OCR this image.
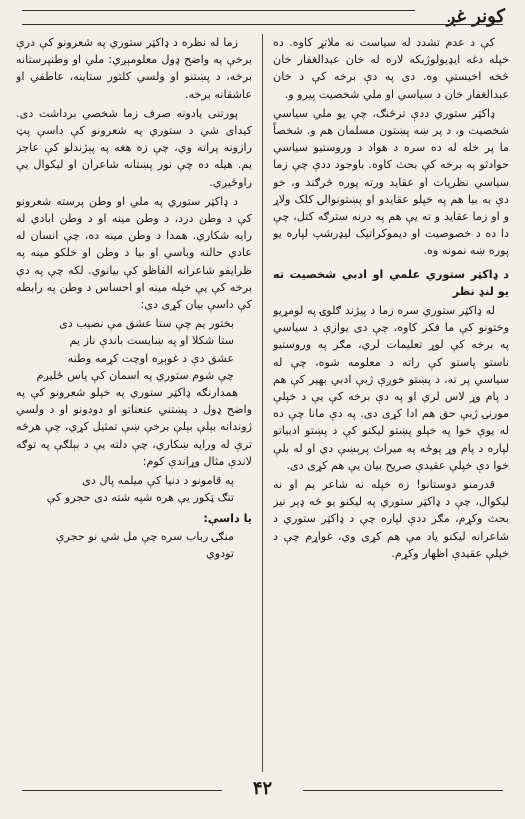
کونر غږ

کې د عدم تشدد له سیاست نه ملاتړ کاوه. ده خپله دغه ایډیولوژیکه لاره له خان عبدالغفار خان څخه اخیستې وه. دی په دې برخه کې د خان عبدالغفار خان د سیاسي او ملي شخصیت پیرو و.

ډاکټر ستوري ددې ترڅنګ، چې یو ملي سیاسي شخصیت و، د پر ښه پښتون مسلمان هم و. شخصاً ما پر خله له ده سره د هواد د وروستیو سیاسي حوادثو په برخه کې بحث کاوه. باوجود ددې چې زما سیاسي نظریات او عقاید ورته پوره څرګند و، خو دې به بیا هم په خپلو عقایدو او پښتونوالۍ کلک ولاړ و او زما عقاید و ته یې هم په درنه سترګه کتل، چې دا ده د خصوصیت او دیموکراتیک لیډرشپ لپاره یو پوره ښه نمونه وه.

د ډاکټر ستوري علمي او ادبي شخصیت ته یو لنډ نظر

له ډاکټر ستوري سره زما د پیژند ګلوۍ په لومړیو وختونو کې ما فکر کاوه، چې دی یوازې د سیاسي په برخه کې لوړ تعلیمات لري، مګر په وروستیو ناستو پاستو کې راته د معلومه شوه، چې له سیاسي پر ته، د پښتو خوږې ژبې ادبي بهیر کې هم د پام وړ لاس لري او په دې برخه کې یې د خپلې مورنۍ ژبې حق هم ادا کړی دی. په دې مانا چې ده له یوې خوا په خپلو پښتو لیکنو کې د پښتو ادبیاتو لپاره د پام وړ پوځه په میراث پرېښې دي او له بلې خوا دې خپلې عقیدې صریح بیان یې هم کړی دی.

قدرمنو دوستانو! زه خپله نه شاعر یم او نه لیکوال، چې د ډاکټر ستوري په لیکنو یو څه ډېر نیز بحث وکړم، مګر ددې لپاره چې د ډاکټر ستوري د شاعرانه لیکنو یاد مې هم کړی وي، غواړم چې د خپلې عقیدې اظهار وکړم.

زما له نظره د ډاکټر ستوري په شعرونو کې درې برخې په واضح ډول معلومېږي: ملي او وطنپرستانه برخه، د پښتنو او ولسي کلتور ستاینه، عاطفي او عاشقانه برخه.

پورتنی یادونه صرف زما شخصي برداشت دی. کیدای شي د ستوري په شعرونو کې داسې پټ رازونه پراته وي، چې زه هغه په پېژندلو کې عاجز یم. هیله ده چې نور پښتانه شاعران او لیکوال یې راوځیږي.

د ډاکټر ستوري په ملي او وطن پرسته شعرونو کې د وطن درد، د وطن مینه او د وطن ابادي له رایه شکاري. همدا د وطن مینه ده، چې انسان له عادي حالته وباسي او بیا د وطن او خلکو مینه په ظرایفو شاعرانه الفاظو کې بیانوي. لکه چې په دې برخه کې یې خپله مینه او احساس د وطن په رابطه کې داسې بیان کړی دی:

بختور یم چې ستا عشق مې نصیب دی

ستا شکلا او په ښایست باندې ناز یم

عشق دې د غوېږه اوچت کړمه وطنه

چې شوم ستوري په اسمان کې پاس ځلیږم

همدارنګه ډاکټر ستوري په خپلو شعرونو کې په واضح ډول د پښتني عنعناتو او دودونو او د ولسي ژوندانه بېلې بېلې برخې ښې تمثیل کړي، چې هرڅه ترې له ورایه ښکاري، چې دلته یې د بېلګې په توګه لاندې مثال وړاندې کوم:

په قامونو د دنیا کې میلمه پال دی

تنګ ټکور یې هره شپه شته دی حجرو کې

یا داسې:

منګۍ رباب سره چې مل شي نو حجرې

تودوي

۴۲
